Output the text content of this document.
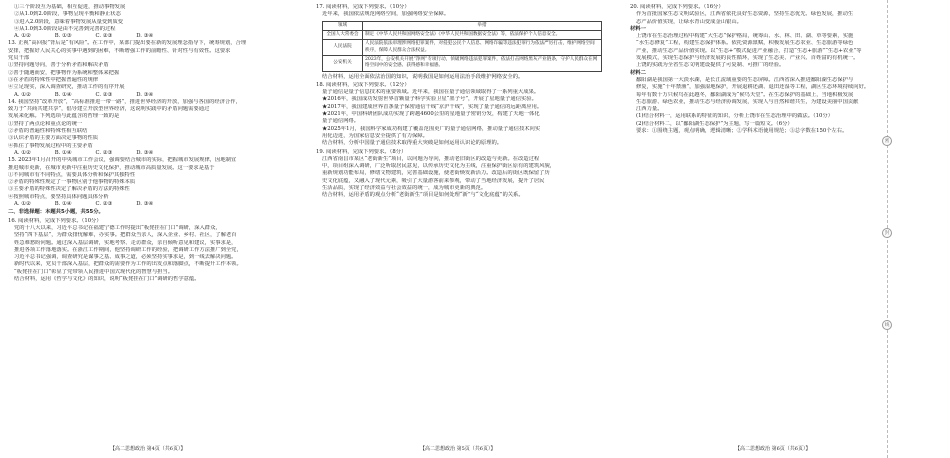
①三个阶段互为基础，相互促进，推动事物发展
②从1.0到2.0阶段，事物呈现平衡和静止状态
③进入2.0阶段，意味着事物发展从量变到质变
④从1.0到3.0阶段是由不完善到完善的过程
A. ①②	B. ①③	C. ②③	D. ③④
13. 正视“高回报”背后是“有风险”。在工作中，某部门提出要在新的发展理念指导下，统筹规划，合理
安排，把握好人民关心的实事中遇到的困难，不断增强工作的前瞻性、针对性与有效性。这要求
党员干部
①坚持问题导向，善于分析矛盾和解决矛盾
②善于随遇而安，把事物作为系统和整体来把握
③在矛盾的特殊性中把握普遍性的规律
④立足现实，深入调查研究，推动工作的有序开展
A. ①②	B. ①④	C. ②③	D. ③④
14. 我国坚持“改革开放”，“高标准推进一带一路”，推进世界经济的开放，加强与各国的经济合作，
致力于“共商共建共享”，倡导建立开放型世界经济，这说明实践中的矛盾问题需要通过
发展来化解。下列选项与此蕴含的哲理一致的是
①坚持了两点论和重点论的统一
②矛盾的普遍性和特殊性相互联结
③认识矛盾的主要方面决定事物的性质
④抓住了事物发展过程中的主要矛盾
A. ①②	B. ①④	C. ②③	D. ③④
15. 2023年1月召开的中央城市工作会议，强调要结合城市的实际，把握城市发展规律，因地制宜
推进城市更新，在城市更新中注重历史文化保护，推动城市高质量发展。这一要求是基于
①不同城市有不同特点，需要具体分析和保护其独特性
②矛盾的特殊性规定了一事物区别于他事物的特殊本质
③主要矛盾的特殊性决定了解决矛盾的方法的特殊性
④按照城市特点，要坚持具体问题具体分析
A. ①②	B. ①④	C. ②③	D. ③④
二、非选择题：本题共5小题，共55分。
16. 阅读材料，完成下列要求。（10分）
党的十八大以来，习近平总书记在福建宁德工作时提出“板凳挂在门口”调研，深入群众，
坚持“四下基层”，为群众排忧解难，办实事。把群众当亲人，深入企业、乡村、社区，了解老百
姓急难愁盼问题。通过深入基层调研，实地考察、走访群众，亲自倾听意见和建议，实事求是，
推进各项工作落地落实。在浙江工作期间，他坚持调研工作的经验，把调研工作方法推广到全党，
习近平总书记强调，调查研究是谋事之基、成事之道，必须坚持实事求是，到一线去解决问题。
新时代以来，党员干部深入基层，把群众的需要作为工作的出发点和落脚点，不断提升工作本领。
“板凳挂在门口”彰显了党带领人民推进中国式现代化的智慧与担当。
结合材料，运用《哲学与文化》的知识，说明“板凳挂在门口”调研的哲学意蕴。
17. 阅读材料，完成下列要求。（10分）
近年来，我国依法规范网络空间，加强网络安全保障。
领域	举措
全国人大常委会	制定《中华人民共和国网络安全法》《中华人民共和国数据安全法》等，依法保护个人信息安全。
人民法院	人民法院依法审理涉网络犯罪案件，对侵犯公民个人信息、网络诈骗等违法犯罪行为依法严厉打击，维护网络空间秩序，保障人民群众合法权益。
公安机关	2023年，公安机关开展“净网”专项行动，侦破网络违法犯罪案件，依法打击网络黑灰产业链条，守护人民群众在网络空间中的安全感、获得感和幸福感。
结合材料，运用全面依法治国的知识，说明我国是如何运用法治手段维护网络安全的。
18. 阅读材料，完成下列要求。（12分）
量子通信是量子信息技术的重要领域。近年来，我国在量子通信领域取得了一系列重大成果。
★2016年，我国成功发射世界首颗量子科学实验卫星“墨子号”，开展了星地量子通信实验。
★2017年，我国建成世界首条量子保密通信干线“京沪干线”，实现了量子通信的远距离应用。
★2021年，中国科研团队成功实现了跨越4600公里的星地量子密钥分发，构建了天地一体化
量子通信网络。
★2025年1月，我国科学家成功构建了覆盖范围更广的量子通信网络，推动量子通信技术向实
用化迈进，为国家信息安全提供了有力保障。
结合材料，分析中国量子通信技术取得重大突破是如何运用认识论的原理的。
19. 阅读材料，完成下列要求。（8分）
江西省南昌市某区“老街新生”项目，以问题为导向，推动老旧街区的改造与更新。在改造过程
中，项目组深入调研，广泛听取居民意见，以传承历史文化为主线，注重保护街区原有的建筑风貌，
重新规划功能布局，修缮文物建筑，完善基础设施，使老街焕发新活力。改造后的街区既保留了历
史文化底蕴，又融入了现代元素，吸引了大量游客前来参观，带动了当地经济发展，提升了居民
生活品质，实现了经济效益与社会效益的统一，成为城市更新的典范。
结合材料，运用矛盾的观点分析“老街新生”项目是如何处理“新”与“文化底蕴”的关系。
20. 阅读材料，完成下列要求。（16分）
作为首批国家生态文明试验区，江西省依托良好生态资源，坚持生态优先、绿色发展，推动生
态产品价值实现，让绿水青山变成金山银山。
材料一
上饶市在生态治理过程中构建“大生态”保护格局，统筹山、水、林、田、湖、草等要素，实施
“水生态修复”工程，构建生态保护体系。依托资源禀赋，积极发展生态农业、生态旅游等绿色
产业，推动生态产品价值实现。以“生态+”模式促进产业融合，打造“生态+旅游”“生态+农业”等
发展模式，实现生态保护与经济发展的良性循环，实现了生态美、产业兴、百姓富的有机统一。
上饶的实践为全省生态文明建设提供了可复制、可推广的经验。
材料二
鄱阳湖是我国第一大淡水湖，是长江流域重要的生态屏障。江西省深入推进鄱阳湖生态保护与
修复，实施“十年禁渔”，加强湿地保护，开展退耕还湖、退田还湿等工程，湖区生态环境持续向好。
每年有数十万只候鸟在此越冬，鄱阳湖成为“候鸟天堂”。在生态保护的基础上，当地积极发展
生态旅游、绿色农业，推动生态与经济协调发展，实现人与自然和谐共生，为建设美丽中国贡献
江西力量。
(1)结合材料一，运用联系的特征的知识，分析上饶市在生态治理中的做法。（10分）
(2)结合材料二，以“鄱阳湖生态保护”为主题，写一篇短文。（6分）
要求：①围绕主题，观点明确，逻辑清晰；②学科术语使用规范；③总字数在150个左右。
【高二思想政治 第4页（共6页）】	【高二思想政治 第5页（共6页）】	【高二思想政治 第6页（共6页）】
密
封
线
